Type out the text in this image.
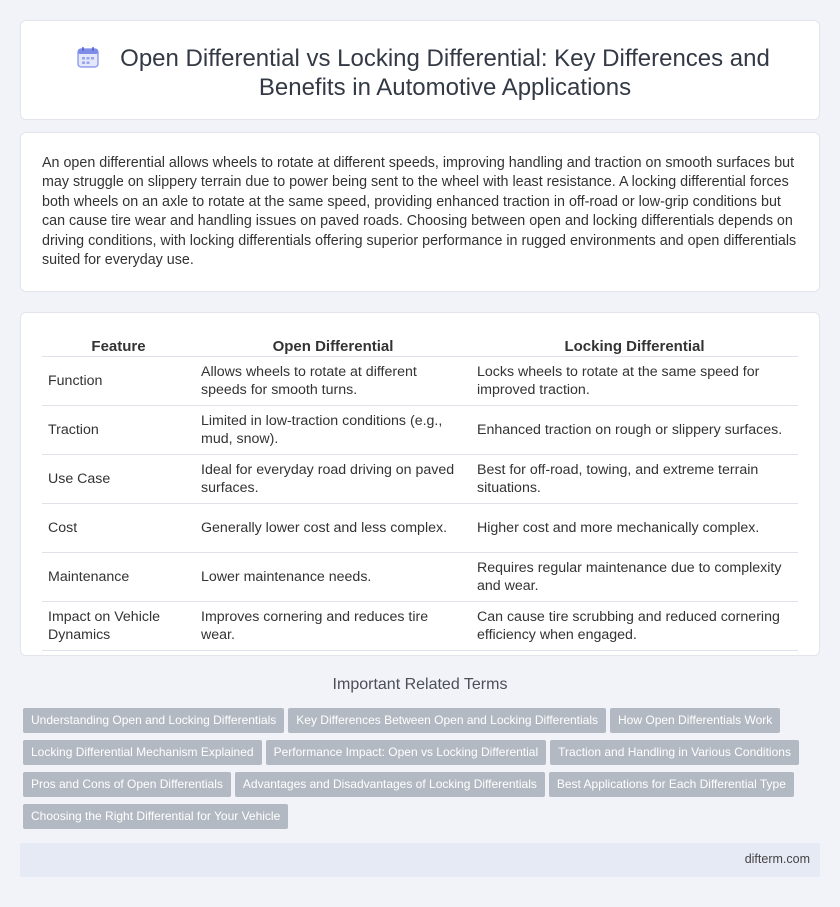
Open Differential vs Locking Differential: Key Differences and Benefits in Automotive Applications

An open differential allows wheels to rotate at different speeds, improving handling and traction on smooth surfaces but may struggle on slippery terrain due to power being sent to the wheel with least resistance. A locking differential forces both wheels on an axle to rotate at the same speed, providing enhanced traction in off-road or low-grip conditions but can cause tire wear and handling issues on paved roads. Choosing between open and locking differentials depends on driving conditions, with locking differentials offering superior performance in rugged environments and open differentials suited for everyday use.

Feature	Open Differential	Locking Differential
Function	Allows wheels to rotate at different speeds for smooth turns.	Locks wheels to rotate at the same speed for improved traction.
Traction	Limited in low-traction conditions (e.g., mud, snow).	Enhanced traction on rough or slippery surfaces.
Use Case	Ideal for everyday road driving on paved surfaces.	Best for off-road, towing, and extreme terrain situations.
Cost	Generally lower cost and less complex.	Higher cost and more mechanically complex.
Maintenance	Lower maintenance needs.	Requires regular maintenance due to complexity and wear.
Impact on Vehicle Dynamics	Improves cornering and reduces tire wear.	Can cause tire scrubbing and reduced cornering efficiency when engaged.
Important Related Terms
Understanding Open and Locking Differentials Key Differences Between Open and Locking Differentials How Open Differentials WorkLocking Differential Mechanism Explained Performance Impact: Open vs Locking Differential Traction and Handling in Various ConditionsPros and Cons of Open Differentials Advantages and Disadvantages of Locking Differentials Best Applications for Each Differential TypeChoosing the Right Differential for Your Vehicle
difterm.com
